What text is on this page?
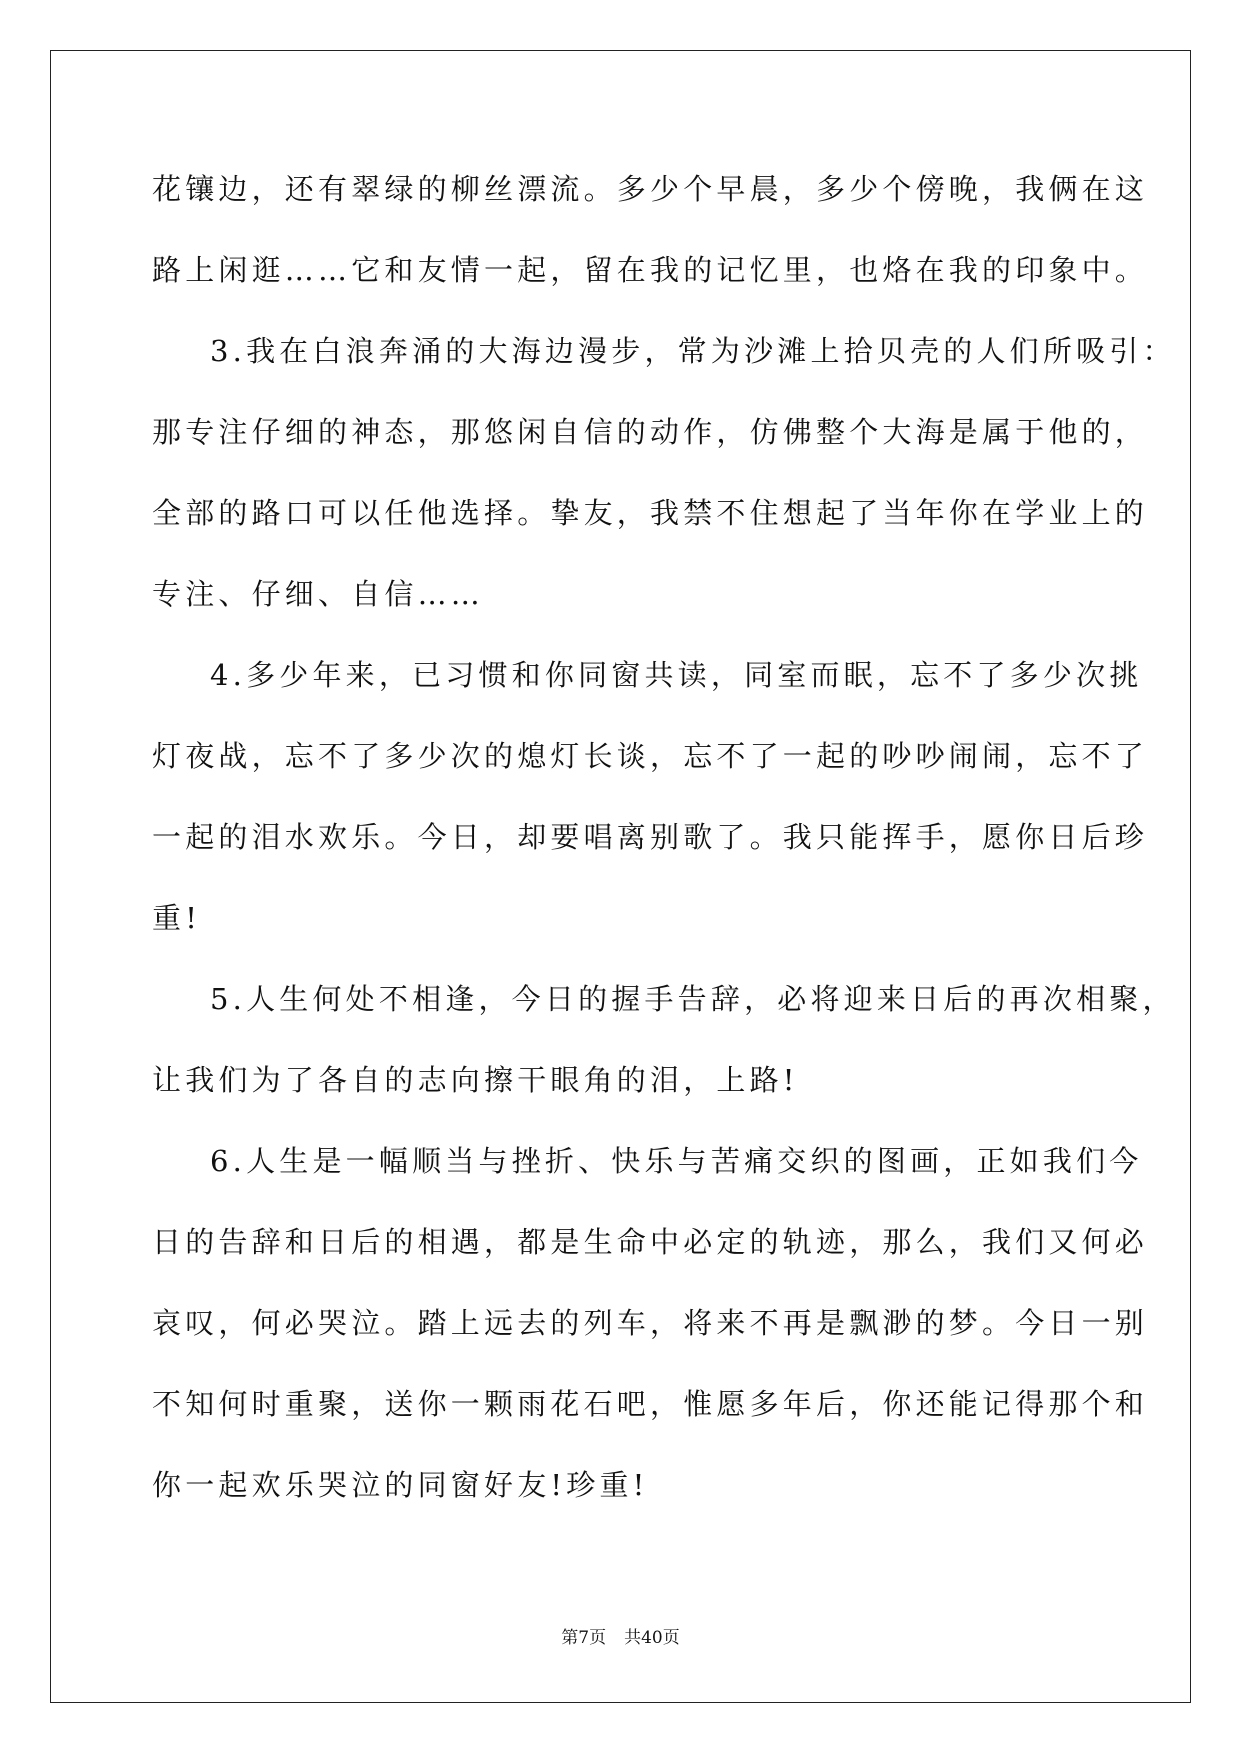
花镶边，还有翠绿的柳丝漂流。多少个早晨，多少个傍晚，我俩在这
路上闲逛……它和友情一起，留在我的记忆里，也烙在我的印象中。
3.我在白浪奔涌的大海边漫步，常为沙滩上拾贝壳的人们所吸引：
那专注仔细的神态，那悠闲自信的动作，仿佛整个大海是属于他的，
全部的路口可以任他选择。挚友，我禁不住想起了当年你在学业上的
专注、仔细、自信……
4.多少年来，已习惯和你同窗共读，同室而眠，忘不了多少次挑
灯夜战，忘不了多少次的熄灯长谈，忘不了一起的吵吵闹闹，忘不了
一起的泪水欢乐。今日，却要唱离别歌了。我只能挥手，愿你日后珍
重!
5.人生何处不相逢，今日的握手告辞，必将迎来日后的再次相聚，
让我们为了各自的志向擦干眼角的泪，上路!
6.人生是一幅顺当与挫折、快乐与苦痛交织的图画，正如我们今
日的告辞和日后的相遇，都是生命中必定的轨迹，那么，我们又何必
哀叹，何必哭泣。踏上远去的列车，将来不再是飘渺的梦。今日一别
不知何时重聚，送你一颗雨花石吧，惟愿多年后，你还能记得那个和
你一起欢乐哭泣的同窗好友!珍重!
第7页 共40页
